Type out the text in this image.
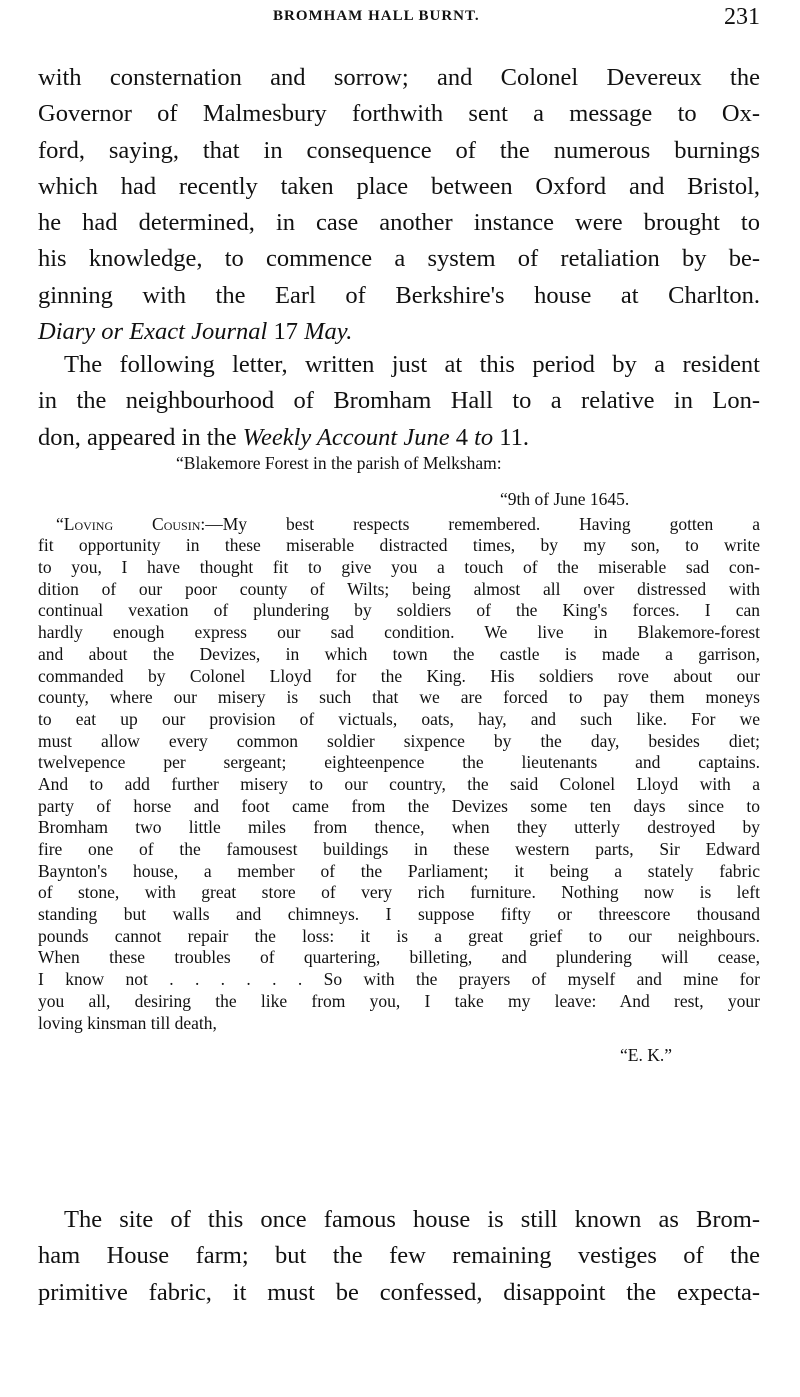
BROMHAM HALL BURNT.	231
with consternation and sorrow; and Colonel Devereux the
Governor of Malmesbury forthwith sent a message to Ox-
ford, saying, that in consequence of the numerous burnings
which had recently taken place between Oxford and Bristol,
he had determined, in case another instance were brought to
his knowledge, to commence a system of retaliation by be-
ginning with the Earl of Berkshire's house at Charlton.
Diary or Exact Journal 17 May.
The following letter, written just at this period by a resident
in the neighbourhood of Bromham Hall to a relative in Lon-
don, appeared in the Weekly Account June 4 to 11.
“Blakemore Forest in the parish of Melksham:
“9th of June 1645.
“Loving Cousin:—My best respects remembered. Having gotten a
fit opportunity in these miserable distracted times, by my son, to write
to you, I have thought fit to give you a touch of the miserable sad con-
dition of our poor county of Wilts; being almost all over distressed with
continual vexation of plundering by soldiers of the King's forces. I can
hardly enough express our sad condition. We live in Blakemore-forest
and about the Devizes, in which town the castle is made a garrison,
commanded by Colonel Lloyd for the King. His soldiers rove about our
county, where our misery is such that we are forced to pay them moneys
to eat up our provision of victuals, oats, hay, and such like. For we
must allow every common soldier sixpence by the day, besides diet;
twelvepence per sergeant; eighteenpence the lieutenants and captains.
And to add further misery to our country, the said Colonel Lloyd with a
party of horse and foot came from the Devizes some ten days since to
Bromham two little miles from thence, when they utterly destroyed by
fire one of the famousest buildings in these western parts, Sir Edward
Baynton's house, a member of the Parliament; it being a stately fabric
of stone, with great store of very rich furniture. Nothing now is left
standing but walls and chimneys. I suppose fifty or threescore thousand
pounds cannot repair the loss: it is a great grief to our neighbours.
When these troubles of quartering, billeting, and plundering will cease,
I know not . . . . . . So with the prayers of myself and mine for
you all, desiring the like from you, I take my leave: And rest, your
loving kinsman till death,
“E. K.”
The site of this once famous house is still known as Brom-
ham House farm; but the few remaining vestiges of the
primitive fabric, it must be confessed, disappoint the expecta-
